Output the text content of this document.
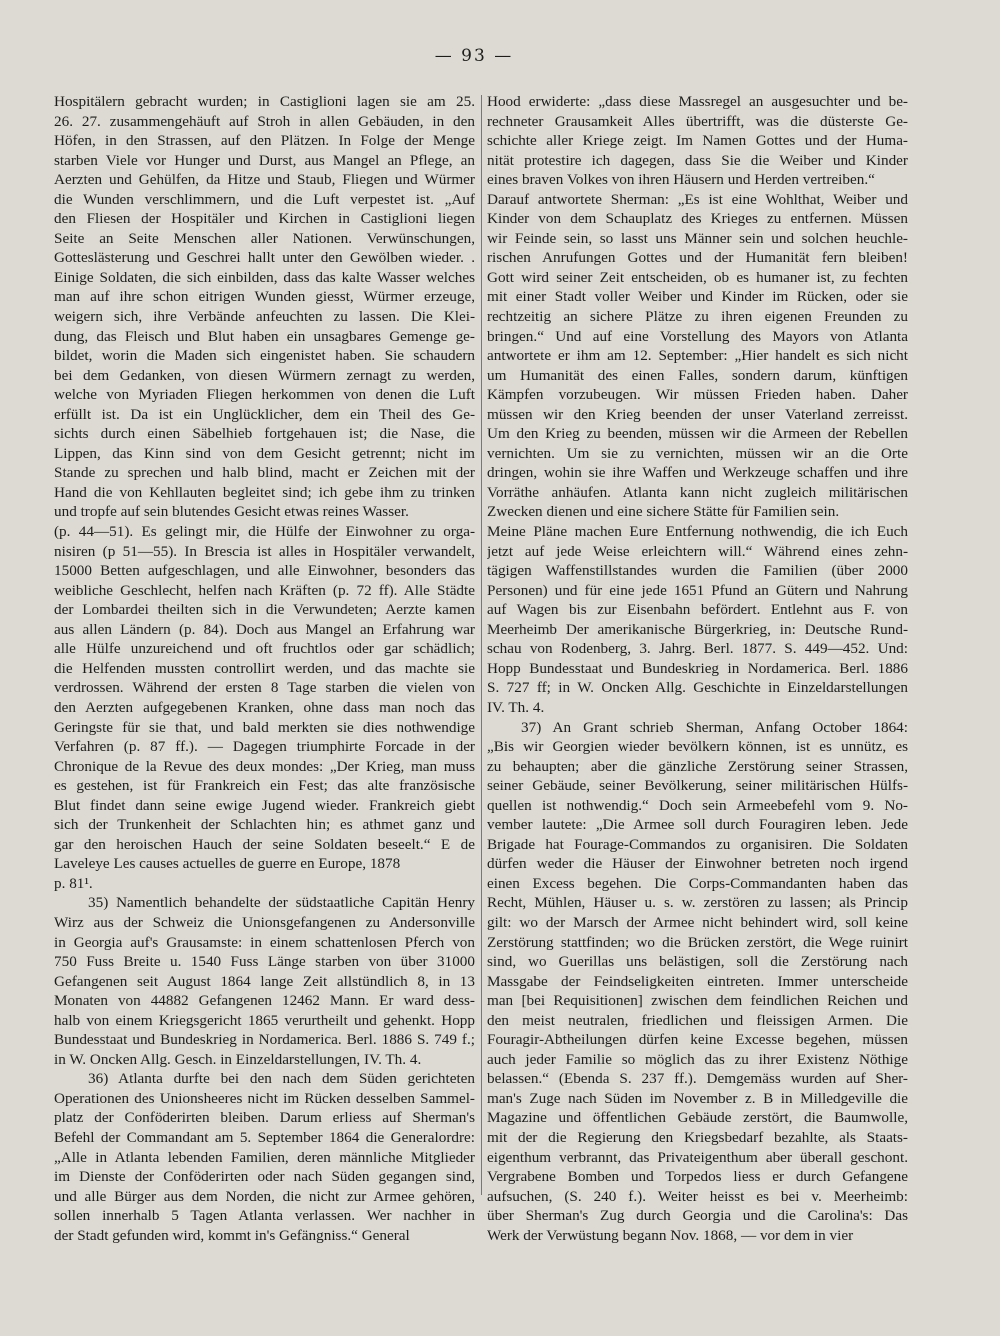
— 93 —
Hospitälern gebracht wurden; in Castiglioni lagen sie am 25.
26. 27. zusammengehäuft auf Stroh in allen Gebäuden, in den
Höfen, in den Strassen, auf den Plätzen. In Folge der Menge
starben Viele vor Hunger und Durst, aus Mangel an Pflege, an
Aerzten und Gehülfen, da Hitze und Staub, Fliegen und Würmer
die Wunden verschlimmern, und die Luft verpestet ist. „Auf
den Fliesen der Hospitäler und Kirchen in Castiglioni liegen
Seite an Seite Menschen aller Nationen. Verwünschungen,
Gotteslästerung und Geschrei hallt unter den Gewölben wieder. .
Einige Soldaten, die sich einbilden, dass das kalte Wasser welches
man auf ihre schon eitrigen Wunden giesst, Würmer erzeuge,
weigern sich, ihre Verbände anfeuchten zu lassen. Die Klei-
dung, das Fleisch und Blut haben ein unsagbares Gemenge ge-
bildet, worin die Maden sich eingenistet haben. Sie schaudern
bei dem Gedanken, von diesen Würmern zernagt zu werden,
welche von Myriaden Fliegen herkommen von denen die Luft
erfüllt ist. Da ist ein Unglücklicher, dem ein Theil des Ge-
sichts durch einen Säbelhieb fortgehauen ist; die Nase, die
Lippen, das Kinn sind von dem Gesicht getrennt; nicht im
Stande zu sprechen und halb blind, macht er Zeichen mit der
Hand die von Kehllauten begleitet sind; ich gebe ihm zu trinken
und tropfe auf sein blutendes Gesicht etwas reines Wasser.
(p. 44—51). Es gelingt mir, die Hülfe der Einwohner zu orga-
nisiren (p 51—55). In Brescia ist alles in Hospitäler verwandelt,
15000 Betten aufgeschlagen, und alle Einwohner, besonders das
weibliche Geschlecht, helfen nach Kräften (p. 72 ff). Alle Städte
der Lombardei theilten sich in die Verwundeten; Aerzte kamen
aus allen Ländern (p. 84). Doch aus Mangel an Erfahrung war
alle Hülfe unzureichend und oft fruchtlos oder gar schädlich;
die Helfenden mussten controllirt werden, und das machte sie
verdrossen. Während der ersten 8 Tage starben die vielen von
den Aerzten aufgegebenen Kranken, ohne dass man noch das
Geringste für sie that, und bald merkten sie dies nothwendige
Verfahren (p. 87 ff.). — Dagegen triumphirte Forcade in der
Chronique de la Revue des deux mondes: „Der Krieg, man muss
es gestehen, ist für Frankreich ein Fest; das alte französische
Blut findet dann seine ewige Jugend wieder. Frankreich giebt
sich der Trunkenheit der Schlachten hin; es athmet ganz und
gar den heroischen Hauch der seine Soldaten beseelt.“ E de
Laveleye Les causes actuelles de guerre en Europe, 1878
p. 81¹.
35) Namentlich behandelte der südstaatliche Capitän Henry
Wirz aus der Schweiz die Unionsgefangenen zu Andersonville
in Georgia auf's Grausamste: in einem schattenlosen Pferch von
750 Fuss Breite u. 1540 Fuss Länge starben von über 31000
Gefangenen seit August 1864 lange Zeit allstündlich 8, in 13
Monaten von 44882 Gefangenen 12462 Mann. Er ward dess-
halb von einem Kriegsgericht 1865 verurtheilt und gehenkt. Hopp
Bundesstaat und Bundeskrieg in Nordamerica. Berl. 1886 S. 749 f.;
in W. Oncken Allg. Gesch. in Einzeldarstellungen, IV. Th. 4.
36) Atlanta durfte bei den nach dem Süden gerichteten
Operationen des Unionsheeres nicht im Rücken desselben Sammel-
platz der Conföderirten bleiben. Darum erliess auf Sherman's
Befehl der Commandant am 5. September 1864 die Generalordre:
„Alle in Atlanta lebenden Familien, deren männliche Mitglieder
im Dienste der Conföderirten oder nach Süden gegangen sind,
und alle Bürger aus dem Norden, die nicht zur Armee gehören,
sollen innerhalb 5 Tagen Atlanta verlassen. Wer nachher in
der Stadt gefunden wird, kommt in's Gefängniss.“ General
Hood erwiderte: „dass diese Massregel an ausgesuchter und be-
rechneter Grausamkeit Alles übertrifft, was die düsterste Ge-
schichte aller Kriege zeigt. Im Namen Gottes und der Huma-
nität protestire ich dagegen, dass Sie die Weiber und Kinder
eines braven Volkes von ihren Häusern und Herden vertreiben.“
Darauf antwortete Sherman: „Es ist eine Wohlthat, Weiber und
Kinder von dem Schauplatz des Krieges zu entfernen. Müssen
wir Feinde sein, so lasst uns Männer sein und solchen heuchle-
rischen Anrufungen Gottes und der Humanität fern bleiben!
Gott wird seiner Zeit entscheiden, ob es humaner ist, zu fechten
mit einer Stadt voller Weiber und Kinder im Rücken, oder sie
rechtzeitig an sichere Plätze zu ihren eigenen Freunden zu
bringen.“ Und auf eine Vorstellung des Mayors von Atlanta
antwortete er ihm am 12. September: „Hier handelt es sich nicht
um Humanität des einen Falles, sondern darum, künftigen
Kämpfen vorzubeugen. Wir müssen Frieden haben. Daher
müssen wir den Krieg beenden der unser Vaterland zerreisst.
Um den Krieg zu beenden, müssen wir die Armeen der Rebellen
vernichten. Um sie zu vernichten, müssen wir an die Orte
dringen, wohin sie ihre Waffen und Werkzeuge schaffen und ihre
Vorräthe anhäufen. Atlanta kann nicht zugleich militärischen
Zwecken dienen und eine sichere Stätte für Familien sein.
Meine Pläne machen Eure Entfernung nothwendig, die ich Euch
jetzt auf jede Weise erleichtern will.“ Während eines zehn-
tägigen Waffenstillstandes wurden die Familien (über 2000
Personen) und für eine jede 1651 Pfund an Gütern und Nahrung
auf Wagen bis zur Eisenbahn befördert. Entlehnt aus F. von
Meerheimb Der amerikanische Bürgerkrieg, in: Deutsche Rund-
schau von Rodenberg, 3. Jahrg. Berl. 1877. S. 449—452. Und:
Hopp Bundesstaat und Bundeskrieg in Nordamerica. Berl. 1886
S. 727 ff; in W. Oncken Allg. Geschichte in Einzeldarstellungen
IV. Th. 4.
37) An Grant schrieb Sherman, Anfang October 1864:
„Bis wir Georgien wieder bevölkern können, ist es unnütz, es
zu behaupten; aber die gänzliche Zerstörung seiner Strassen,
seiner Gebäude, seiner Bevölkerung, seiner militärischen Hülfs-
quellen ist nothwendig.“ Doch sein Armeebefehl vom 9. No-
vember lautete: „Die Armee soll durch Fouragiren leben. Jede
Brigade hat Fourage-Commandos zu organisiren. Die Soldaten
dürfen weder die Häuser der Einwohner betreten noch irgend
einen Excess begehen. Die Corps-Commandanten haben das
Recht, Mühlen, Häuser u. s. w. zerstören zu lassen; als Princip
gilt: wo der Marsch der Armee nicht behindert wird, soll keine
Zerstörung stattfinden; wo die Brücken zerstört, die Wege ruinirt
sind, wo Guerillas uns belästigen, soll die Zerstörung nach
Massgabe der Feindseligkeiten eintreten. Immer unterscheide
man [bei Requisitionen] zwischen dem feindlichen Reichen und
den meist neutralen, friedlichen und fleissigen Armen. Die
Fouragir-Abtheilungen dürfen keine Excesse begehen, müssen
auch jeder Familie so möglich das zu ihrer Existenz Nöthige
belassen.“ (Ebenda S. 237 ff.). Demgemäss wurden auf Sher-
man's Zuge nach Süden im November z. B in Milledgeville die
Magazine und öffentlichen Gebäude zerstört, die Baumwolle,
mit der die Regierung den Kriegsbedarf bezahlte, als Staats-
eigenthum verbrannt, das Privateigenthum aber überall geschont.
Vergrabene Bomben und Torpedos liess er durch Gefangene
aufsuchen, (S. 240 f.). Weiter heisst es bei v. Meerheimb:
über Sherman's Zug durch Georgia und die Carolina's: Das
Werk der Verwüstung begann Nov. 1868, — vor dem in vier
